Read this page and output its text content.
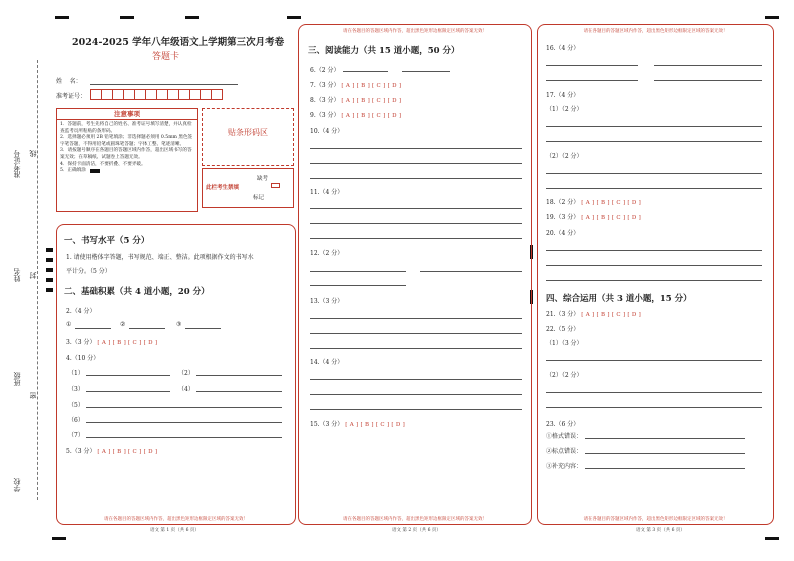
准考证号 线
姓名 封
班级
密
学校
2024-2025 学年八年级语文上学期第三次月考卷
答题卡
姓    名：
准考证号：
注意事项
1．答题前，考生先将自己的姓名、准考证号填写清楚，并认真检查监考员所粘贴的条形码。
2．选择题必须用 2B 铅笔填涂；非选择题必须用 0.5mm 黑色签字笔答题，不得用铅笔或圆珠笔答题；字体工整、笔迹清晰。
3．请按题号顺序在各题目的答题区域内作答，超出区域书写的答案无效；在草稿纸、试题卷上答题无效。
4．保持卡面清洁，不要折叠、不要弄破。
5．正确填涂
贴条形码区
此栏考生禁填
缺考
标记
请在各题目的答题区域内作答，超出黑色矩形边框限定区域的答案无效！
一、书写水平（5 分）
1. 请使用楷体字答题，书写规范、端正、整洁。此项根据作文的书写水
平计分。（5 分）
二、基础积累（共 4 道小题，20 分）
2.（4 分）
①	②	③
3.（3 分） [ A ] [ B ] [ C ] [ D ]
4.（10 分）
（1）	（2）
（3）	（4）
（5）
（6）
（7）
5.（3 分） [ A ] [ B ] [ C ] [ D ]
语文 第 1 页（共 6 页）
请在各题目的答题区域内作答，超出黑色矩形边框限定区域的答案无效！
请在各题目的答题区域内作答，超出黑色矩形边框限定区域的答案无效！
三、阅读能力（共 15 道小题，50 分）
6.（2 分）
7.（3 分） [ A ] [ B ] [ C ] [ D ]
8.（3 分） [ A ] [ B ] [ C ] [ D ]
9.（3 分） [ A ] [ B ] [ C ] [ D ]
10.（4 分）
11.（4 分）
12.（2 分）
13.（3 分）
14.（4 分）
15.（3 分） [ A ] [ B ] [ C ] [ D ]
语文 第 2 页（共 6 页）
请在各题目的答题区域内作答，超出黑色矩形边框限定区域的答案无效！
请在各题目的答题区域内作答，超出黑色矩形边框限定区域的答案无效！
16.（4 分）
17.（4 分）
（1）（2 分）
（2）（2 分）
18.（2 分） [ A ] [ B ] [ C ] [ D ]
19.（3 分） [ A ] [ B ] [ C ] [ D ]
20.（4 分）
四、综合运用（共 3 道小题，15 分）
21.（3 分） [ A ] [ B ] [ C ] [ D ]
22.（5 分）
（1）（3 分）
（2）（2 分）
23.（6 分）
①格式错误：
②标点错误：
③补充内容：
语文 第 3 页（共 6 页）
